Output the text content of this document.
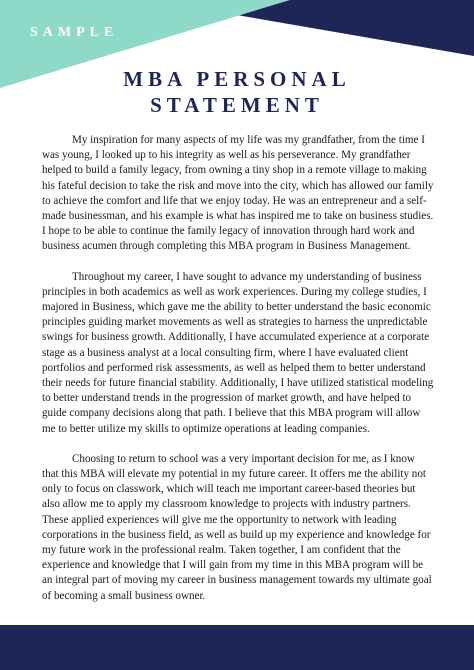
SAMPLE
MBA PERSONAL
STATEMENT

My inspiration for many aspects of my life was my grandfather, from the time I was young, I looked up to his integrity as well as his perseverance. My grandfather helped to build a family legacy, from owning a tiny shop in a remote village to making his fateful decision to take the risk and move into the city, which has allowed our family to achieve the comfort and life that we enjoy today. He was an entrepreneur and a self-made businessman, and his example is what has inspired me to take on business studies. I hope to be able to continue the family legacy of innovation through hard work and business acumen through completing this MBA program in Business Management.

Throughout my career, I have sought to advance my understanding of business principles in both academics as well as work experiences. During my college studies, I majored in Business, which gave me the ability to better understand the basic economic principles guiding market movements as well as strategies to harness the unpredictable swings for business growth. Additionally, I have accumulated experience at a corporate stage as a business analyst at a local consulting firm, where I have evaluated client portfolios and performed risk assessments, as well as helped them to better understand their needs for future financial stability. Additionally, I have utilized statistical modeling to better understand trends in the progression of market growth, and have helped to guide company decisions along that path. I believe that this MBA program will allow me to better utilize my skills to optimize operations at leading companies.

Choosing to return to school was a very important decision for me, as I know that this MBA will elevate my potential in my future career. It offers me the ability not only to focus on classwork, which will teach me important career-based theories but also allow me to apply my classroom knowledge to projects with industry partners. These applied experiences will give me the opportunity to network with leading corporations in the business field, as well as build up my experience and knowledge for my future work in the professional realm. Taken together, I am confident that the experience and knowledge that I will gain from my time in this MBA program will be an integral part of moving my career in business management towards my ultimate goal of becoming a small business owner.
